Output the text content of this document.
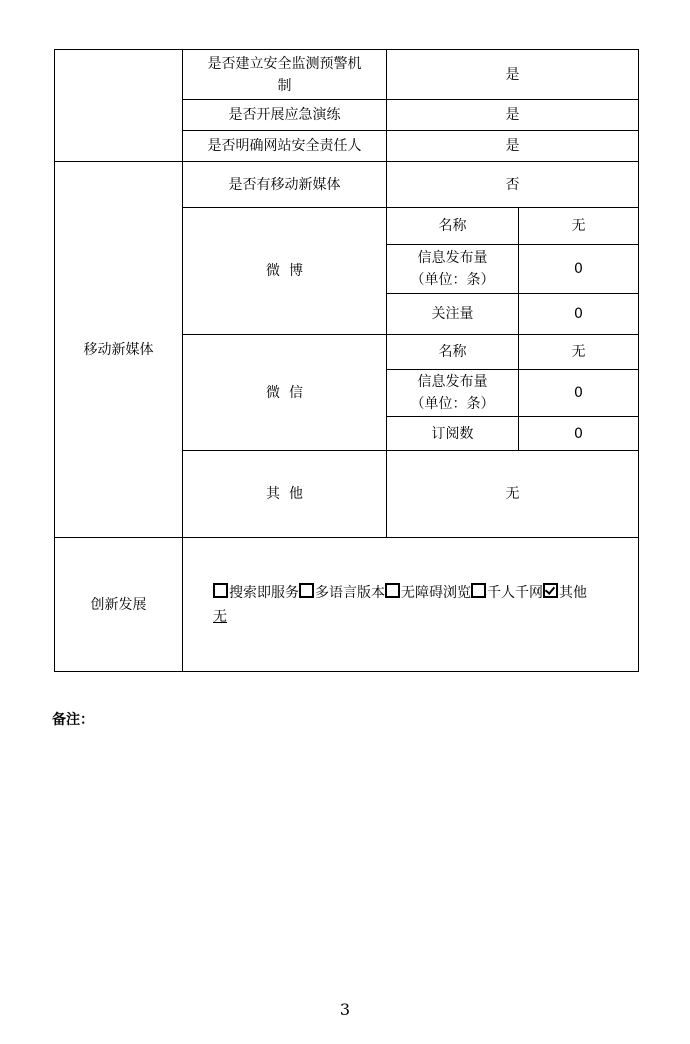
	是否建立安全监测预警机制	是	
	是否开展应急演练	是	
	是否明确网站安全责任人	是	
移动新媒体	是否有移动新媒体	否	
	微  博	名称	无
		信息发布量（单位：条）	0
		关注量	0
	微  信	名称	无
		信息发布量（单位：条）	0
		订阅数	0
	其  他	无	
创新发展	搜索即服务 多语言版本 无障碍浏览 千人千网 其他
无		
备注：
3
